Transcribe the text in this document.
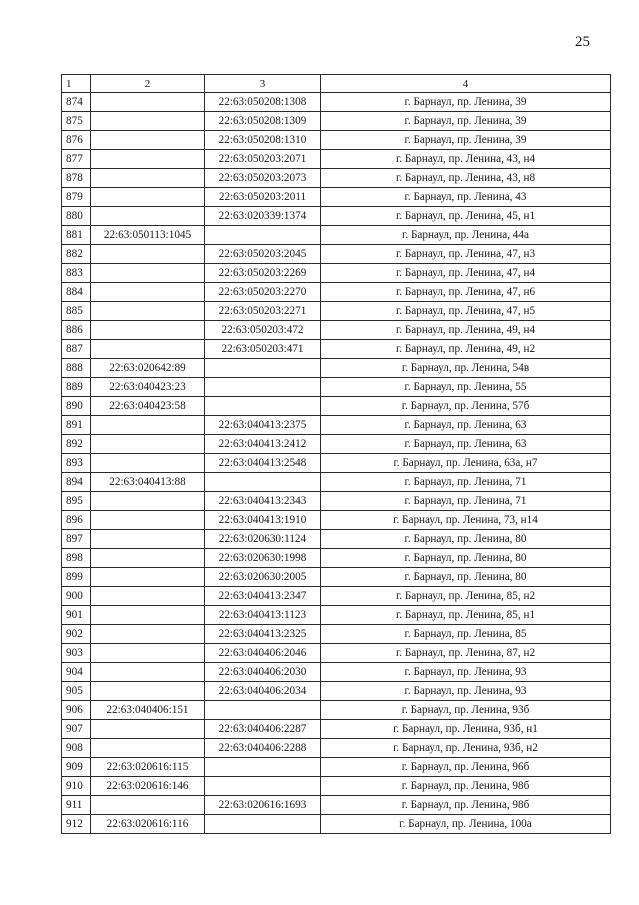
25
1	2	3	4
874		22:63:050208:1308	г. Барнаул, пр. Ленина, 39
875		22:63:050208:1309	г. Барнаул, пр. Ленина, 39
876		22:63:050208:1310	г. Барнаул, пр. Ленина, 39
877		22:63:050203:2071	г. Барнаул, пр. Ленина, 43, н4
878		22:63:050203:2073	г. Барнаул, пр. Ленина, 43, н8
879		22:63:050203:2011	г. Барнаул, пр. Ленина, 43
880		22:63:020339:1374	г. Барнаул, пр. Ленина, 45, н1
881	22:63:050113:1045		г. Барнаул, пр. Ленина, 44а
882		22:63:050203:2045	г. Барнаул, пр. Ленина, 47, н3
883		22:63:050203:2269	г. Барнаул, пр. Ленина, 47, н4
884		22:63:050203:2270	г. Барнаул, пр. Ленина, 47, н6
885		22:63:050203:2271	г. Барнаул, пр. Ленина, 47, н5
886		22:63:050203:472	г. Барнаул, пр. Ленина, 49, н4
887		22:63:050203:471	г. Барнаул, пр. Ленина, 49, н2
888	22:63:020642:89		г. Барнаул, пр. Ленина, 54в
889	22:63:040423:23		г. Барнаул, пр. Ленина, 55
890	22:63:040423:58		г. Барнаул, пр. Ленина, 57б
891		22:63:040413:2375	г. Барнаул, пр. Ленина, 63
892		22:63:040413:2412	г. Барнаул, пр. Ленина, 63
893		22:63:040413:2548	г. Барнаул, пр. Ленина, 63а, н7
894	22:63:040413:88		г. Барнаул, пр. Ленина, 71
895		22:63:040413:2343	г. Барнаул, пр. Ленина, 71
896		22:63:040413:1910	г. Барнаул, пр. Ленина, 73, н14
897		22:63:020630:1124	г. Барнаул, пр. Ленина, 80
898		22:63:020630:1998	г. Барнаул, пр. Ленина, 80
899		22:63:020630:2005	г. Барнаул, пр. Ленина, 80
900		22:63:040413:2347	г. Барнаул, пр. Ленина, 85, н2
901		22:63:040413:1123	г. Барнаул, пр. Ленина, 85, н1
902		22:63:040413:2325	г. Барнаул, пр. Ленина, 85
903		22:63:040406:2046	г. Барнаул, пр. Ленина, 87, н2
904		22:63:040406:2030	г. Барнаул, пр. Ленина, 93
905		22:63:040406:2034	г. Барнаул, пр. Ленина, 93
906	22:63:040406:151		г. Барнаул, пр. Ленина, 93б
907		22:63:040406:2287	г. Барнаул, пр. Ленина, 93б, н1
908		22:63:040406:2288	г. Барнаул, пр. Ленина, 93б, н2
909	22:63:020616:115		г. Барнаул, пр. Ленина, 96б
910	22:63:020616:146		г. Барнаул, пр. Ленина, 98б
911		22:63:020616:1693	г. Барнаул, пр. Ленина, 98б
912	22:63:020616:116		г. Барнаул, пр. Ленина, 100а
